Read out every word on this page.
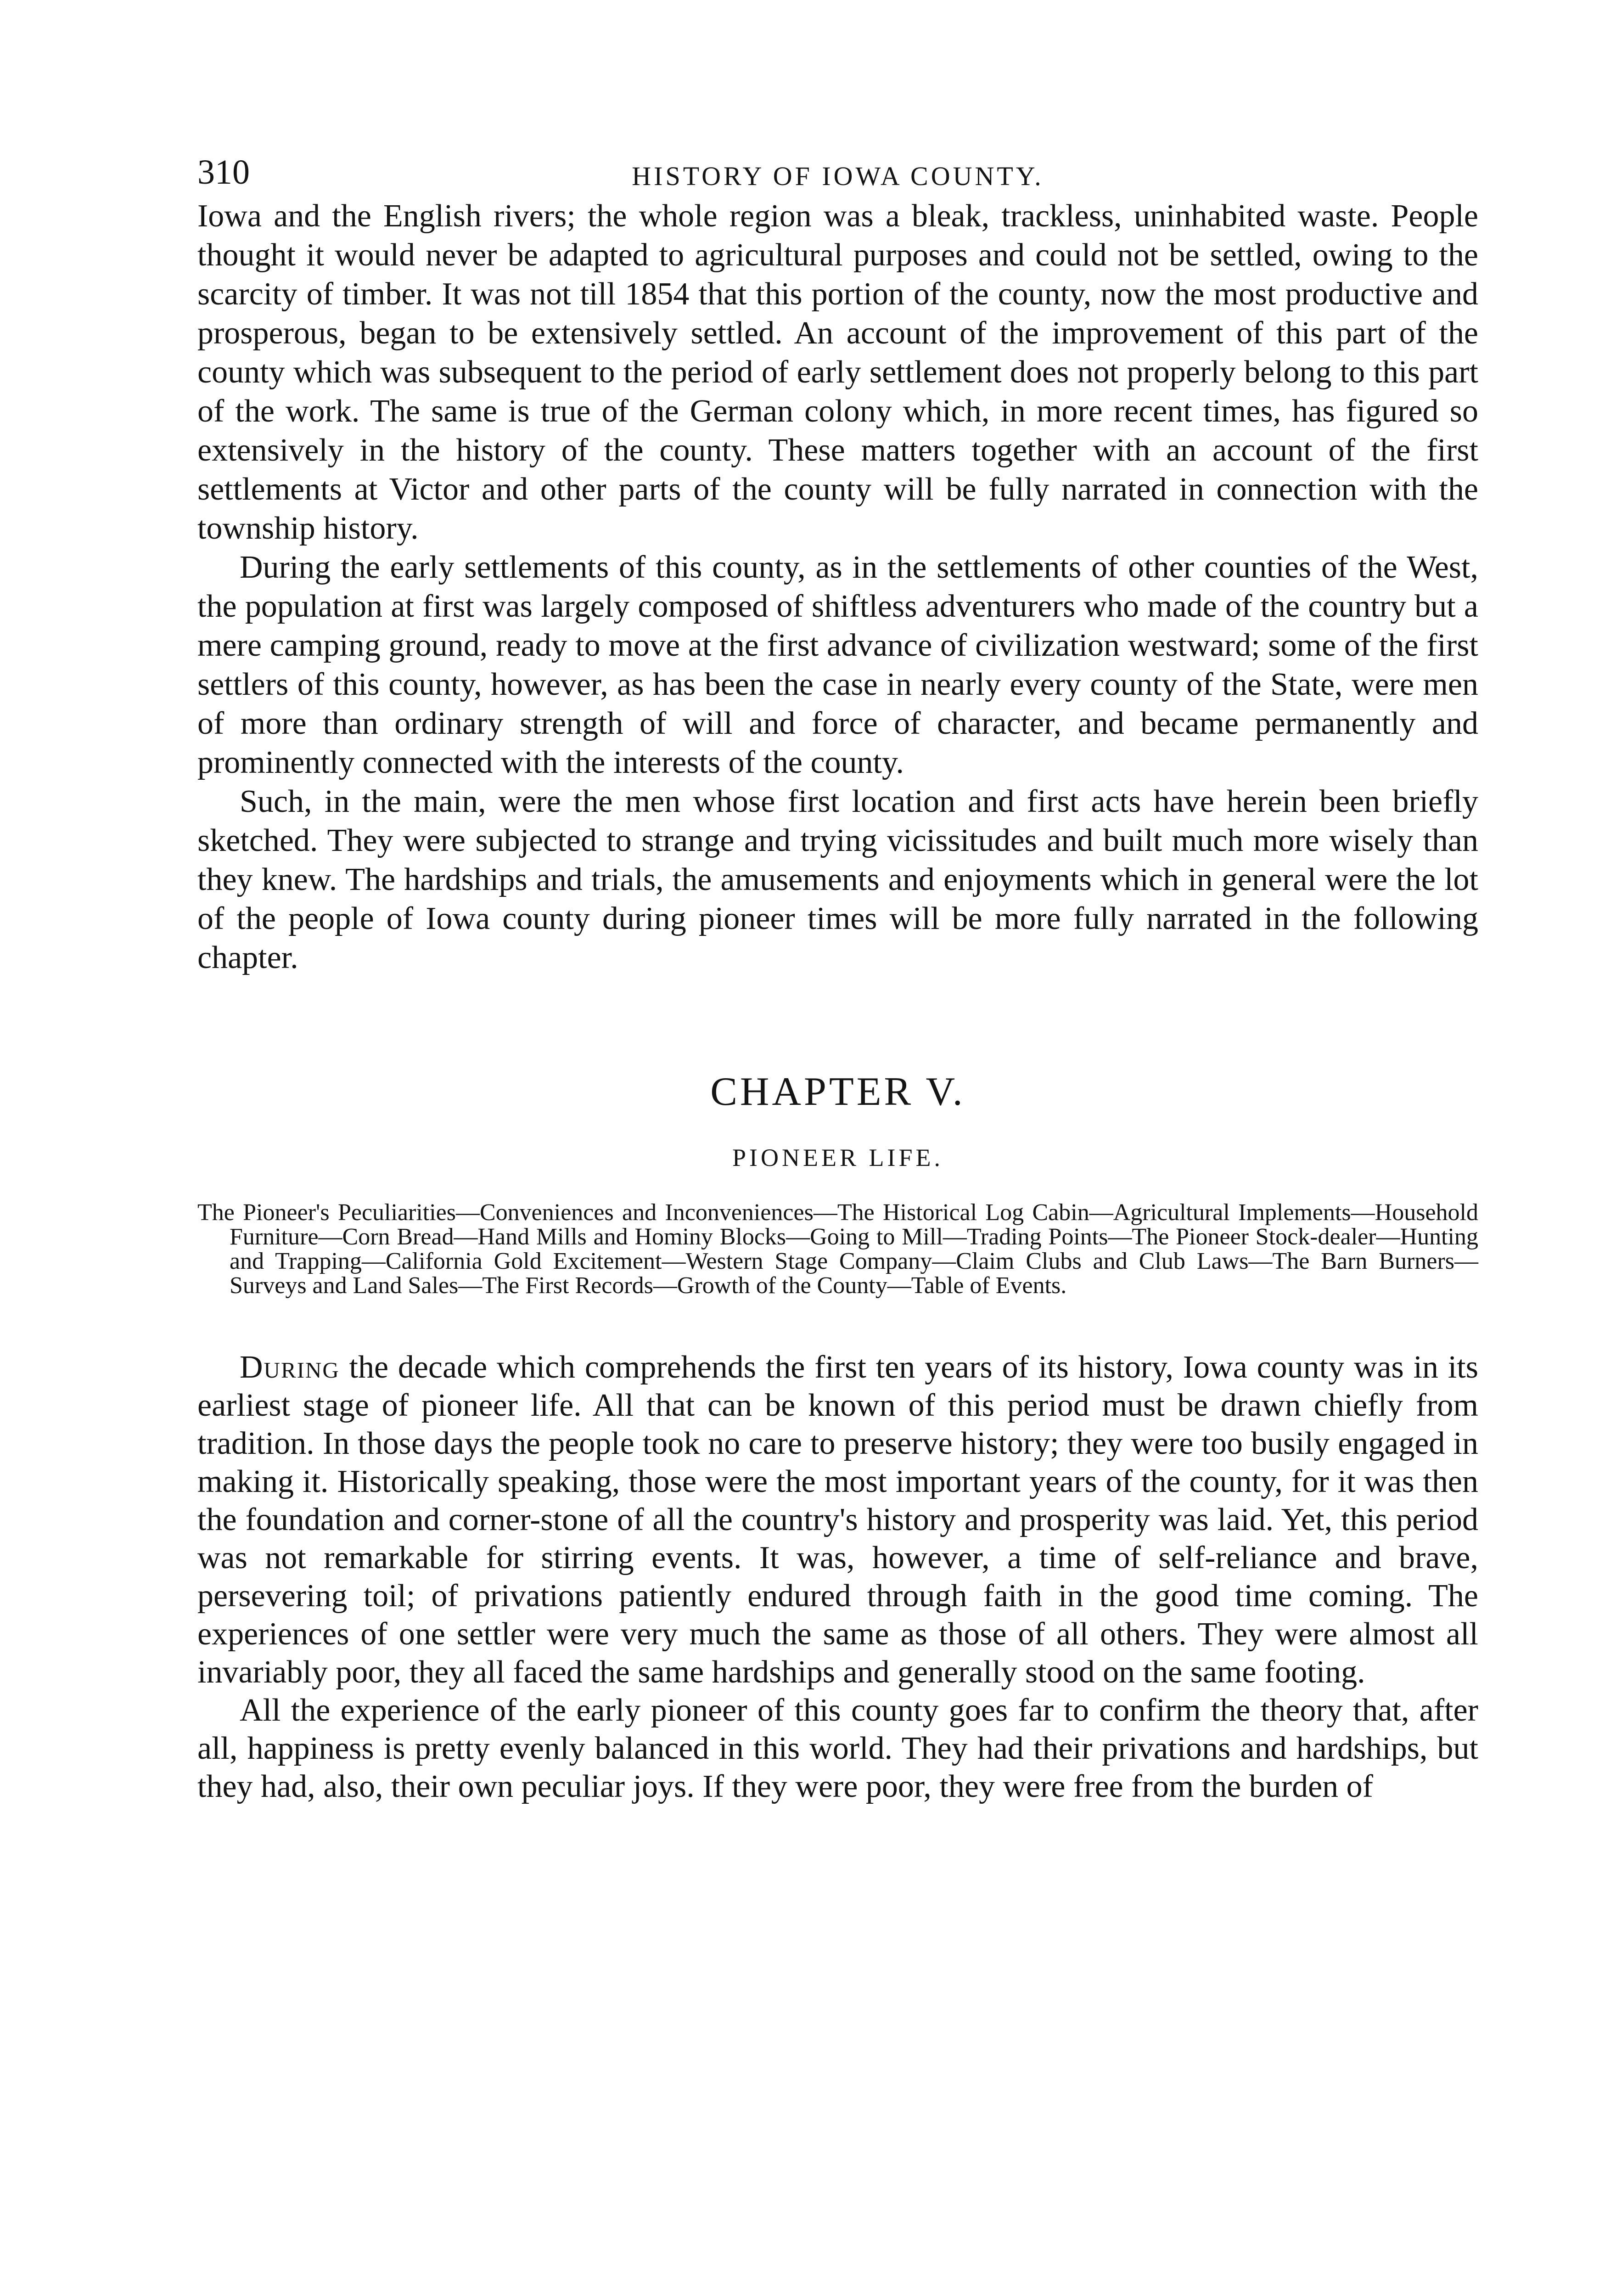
310	HISTORY OF IOWA COUNTY.

Iowa and the English rivers; the whole region was a bleak, trackless, uninhabited waste. People thought it would never be adapted to agricultural purposes and could not be settled, owing to the scarcity of timber. It was not till 1854 that this portion of the county, now the most productive and prosperous, began to be extensively settled. An account of the improvement of this part of the county which was subsequent to the period of early settlement does not properly belong to this part of the work. The same is true of the German colony which, in more recent times, has figured so extensively in the history of the county. These matters together with an account of the first settlements at Victor and other parts of the county will be fully narrated in connection with the township history.

During the early settlements of this county, as in the settlements of other counties of the West, the population at first was largely composed of shiftless adventurers who made of the country but a mere camping ground, ready to move at the first advance of civilization westward; some of the first settlers of this county, however, as has been the case in nearly every county of the State, were men of more than ordinary strength of will and force of character, and became permanently and prominently connected with the interests of the county.

Such, in the main, were the men whose first location and first acts have herein been briefly sketched. They were subjected to strange and trying vicissitudes and built much more wisely than they knew. The hardships and trials, the amusements and enjoyments which in general were the lot of the people of Iowa county during pioneer times will be more fully narrated in the following chapter.

CHAPTER V.
PIONEER LIFE.

The Pioneer's Peculiarities—Conveniences and Inconveniences—The Historical Log Cabin—Agricultural Implements—Household Furniture—Corn Bread—Hand Mills and Hominy Blocks—Going to Mill—Trading Points—The Pioneer Stock-dealer—Hunting and Trapping—California Gold Excitement—Western Stage Company—Claim Clubs and Club Laws—The Barn Burners—Surveys and Land Sales—The First Records—Growth of the County—Table of Events.

During the decade which comprehends the first ten years of its history, Iowa county was in its earliest stage of pioneer life. All that can be known of this period must be drawn chiefly from tradition. In those days the people took no care to preserve history; they were too busily engaged in making it. Historically speaking, those were the most important years of the county, for it was then the foundation and corner-stone of all the country's history and prosperity was laid. Yet, this period was not remarkable for stirring events. It was, however, a time of self-reliance and brave, persevering toil; of privations patiently endured through faith in the good time coming. The experiences of one settler were very much the same as those of all others. They were almost all invariably poor, they all faced the same hardships and generally stood on the same footing.

All the experience of the early pioneer of this county goes far to confirm the theory that, after all, happiness is pretty evenly balanced in this world. They had their privations and hardships, but they had, also, their own peculiar joys. If they were poor, they were free from the burden of
